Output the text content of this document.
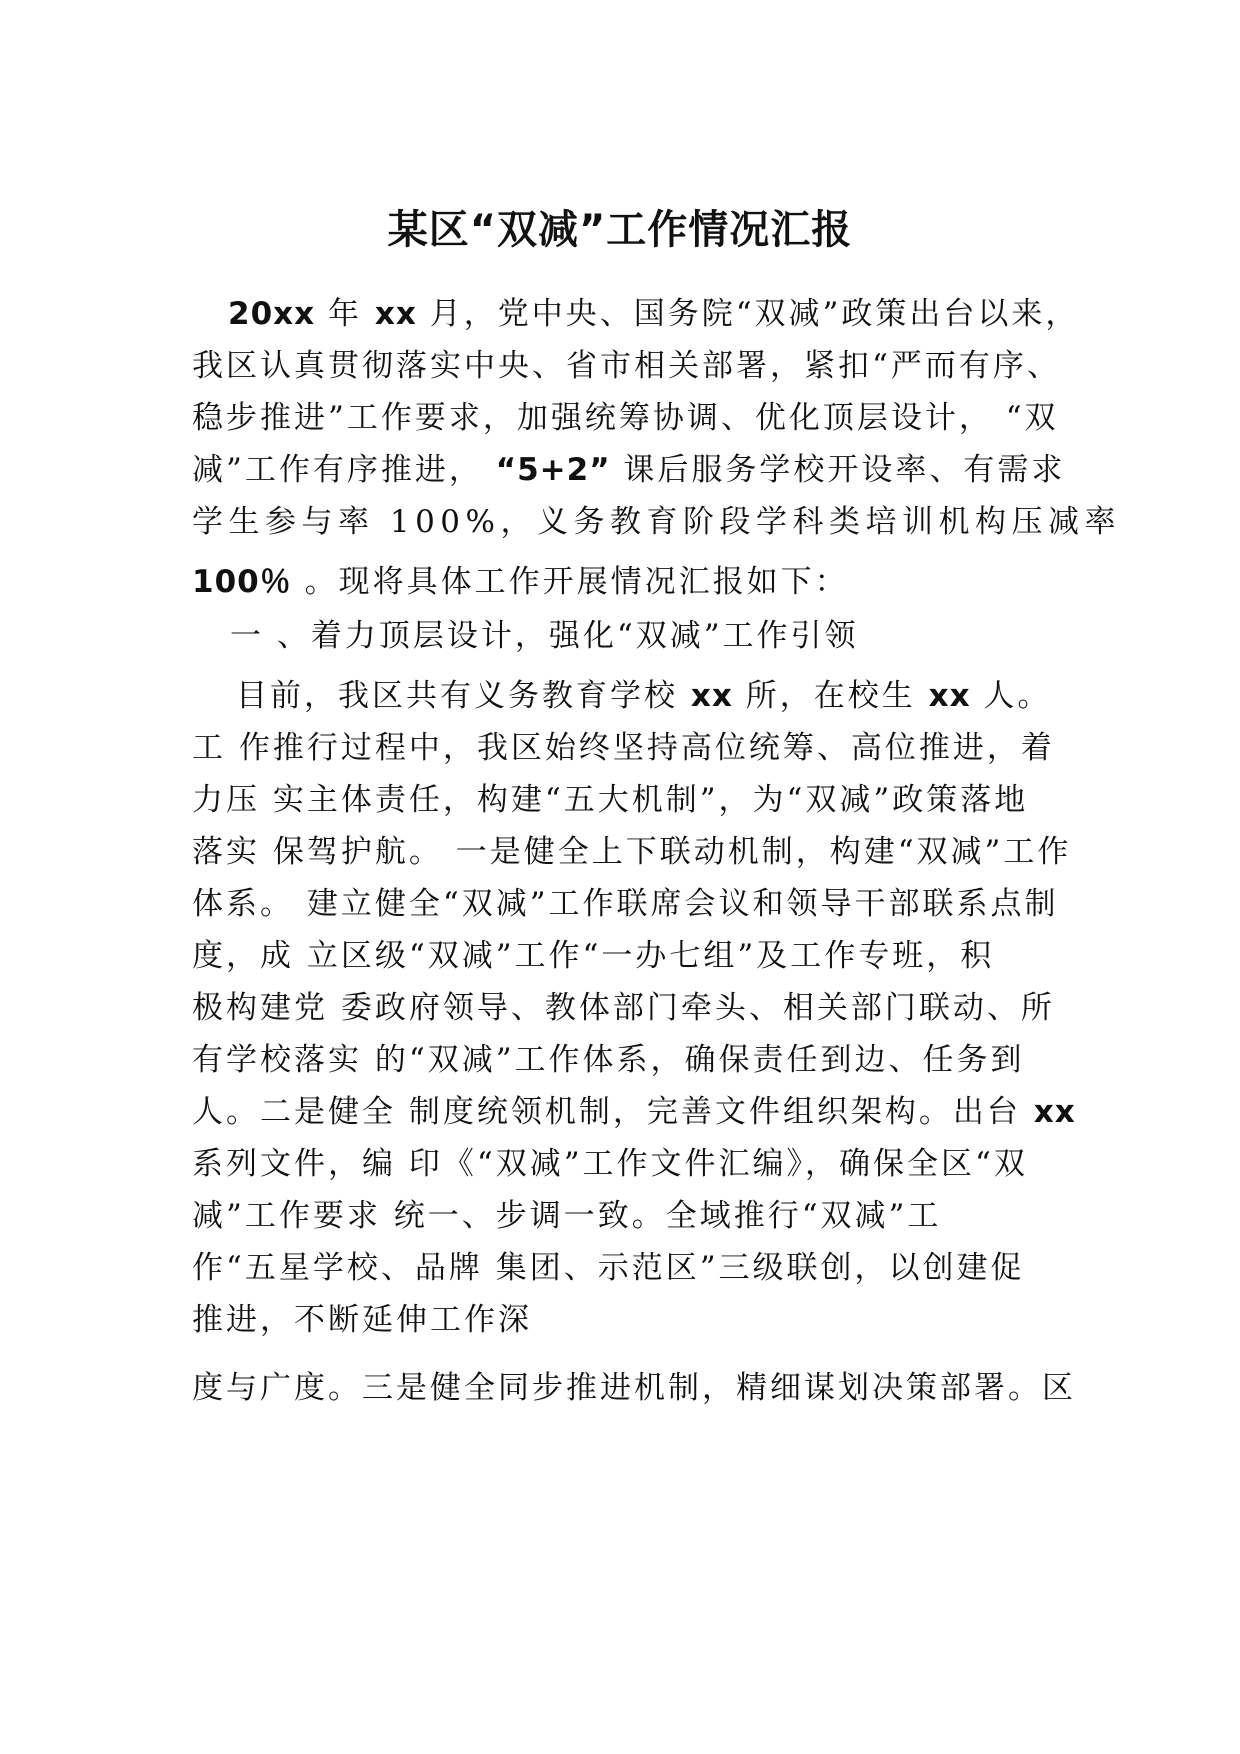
某区“双减”工作情况汇报
20xx 年 xx 月，党中央、国务院“双减”政策出台以来，
我区认真贯彻落实中央、省市相关部署，紧扣“严而有序、
稳步推进”工作要求，加强统筹协调、优化顶层设计， “双
减”工作有序推进， “5+2” 课后服务学校开设率、有需求
学生参与率 100%，义务教育阶段学科类培训机构压减率
100％ 。现将具体工作开展情况汇报如下：
一 、着力顶层设计，强化“双减”工作引领
目前，我区共有义务教育学校 xx 所，在校生 xx 人。
工 作推行过程中，我区始终坚持高位统筹、高位推进，着
力压 实主体责任，构建“五大机制”，为“双减”政策落地
落实 保驾护航。 一是健全上下联动机制，构建“双减”工作
体系。 建立健全“双减”工作联席会议和领导干部联系点制
度，成 立区级“双减”工作“一办七组”及工作专班，积
极构建党 委政府领导、教体部门牵头、相关部门联动、所
有学校落实 的“双减”工作体系，确保责任到边、任务到
人。二是健全 制度统领机制，完善文件组织架构。出台 xx
系列文件，编 印《“双减”工作文件汇编》，确保全区“双
减”工作要求 统一、步调一致。全域推行“双减”工
作“五星学校、品牌 集团、示范区”三级联创，以创建促
推进，不断延伸工作深
度与广度。三是健全同步推进机制，精细谋划决策部署。区
